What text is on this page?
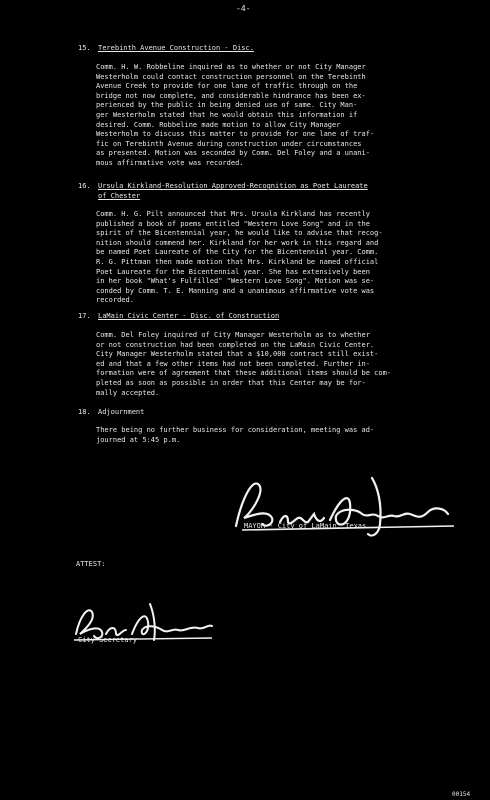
-4-
15. Terebinth Avenue Construction - Disc.
Comm. H. W. Robbeline inquired as to whether or not City Manager
Westerholm could contact construction personnel on the Terebinth
Avenue Creek to provide for one lane of traffic through on the
bridge not now complete, and considerable hindrance has been ex-
perienced by the public in being denied use of same. City Man-
ger Westerholm stated that he would obtain this information if
desired. Comm. Robbeline made motion to allow City Manager
Westerholm to discuss this matter to provide for one lane of traf-
fic on Terebinth Avenue during construction under circumstances
as presented. Motion was seconded by Comm. Del Foley and a unani-
mous affirmative vote was recorded.
16. Ursula Kirkland-Resolution Approved-Recognition as Poet Laureate
of Chester
Comm. H. G. Pilt announced that Mrs. Ursula Kirkland has recently
published a book of poems entitled "Western Love Song" and in the
spirit of the Bicentennial year, he would like to advise that recog-
nition should commend her. Kirkland for her work in this regard and
be named Poet Laureate of the City for the Bicentennial year. Comm.
R. G. Pittman then made motion that Mrs. Kirkland be named official
Poet Laureate for the Bicentennial year. She has extensively been
in her book "What's Fulfilled" "Western Love Song". Motion was se-
conded by Comm. T. E. Manning and a unanimous affirmative vote was
recorded.
17. LaMain Civic Center - Disc. of Construction
Comm. Del Foley inquired of City Manager Westerholm as to whether
or not construction had been completed on the LaMain Civic Center.
City Manager Westerholm stated that a $10,000 contract still exist-
ed and that a few other items had not been completed. Further in-
formation were of agreement that these additional items should be com-
pleted as soon as possible in order that this Center may be for-
mally accepted.
18. Adjournment
There being no further business for consideration, meeting was ad-
journed at 5:45 p.m.
MAYOR - City of LaMain, Texas
ATTEST:
City Secretary
00154
